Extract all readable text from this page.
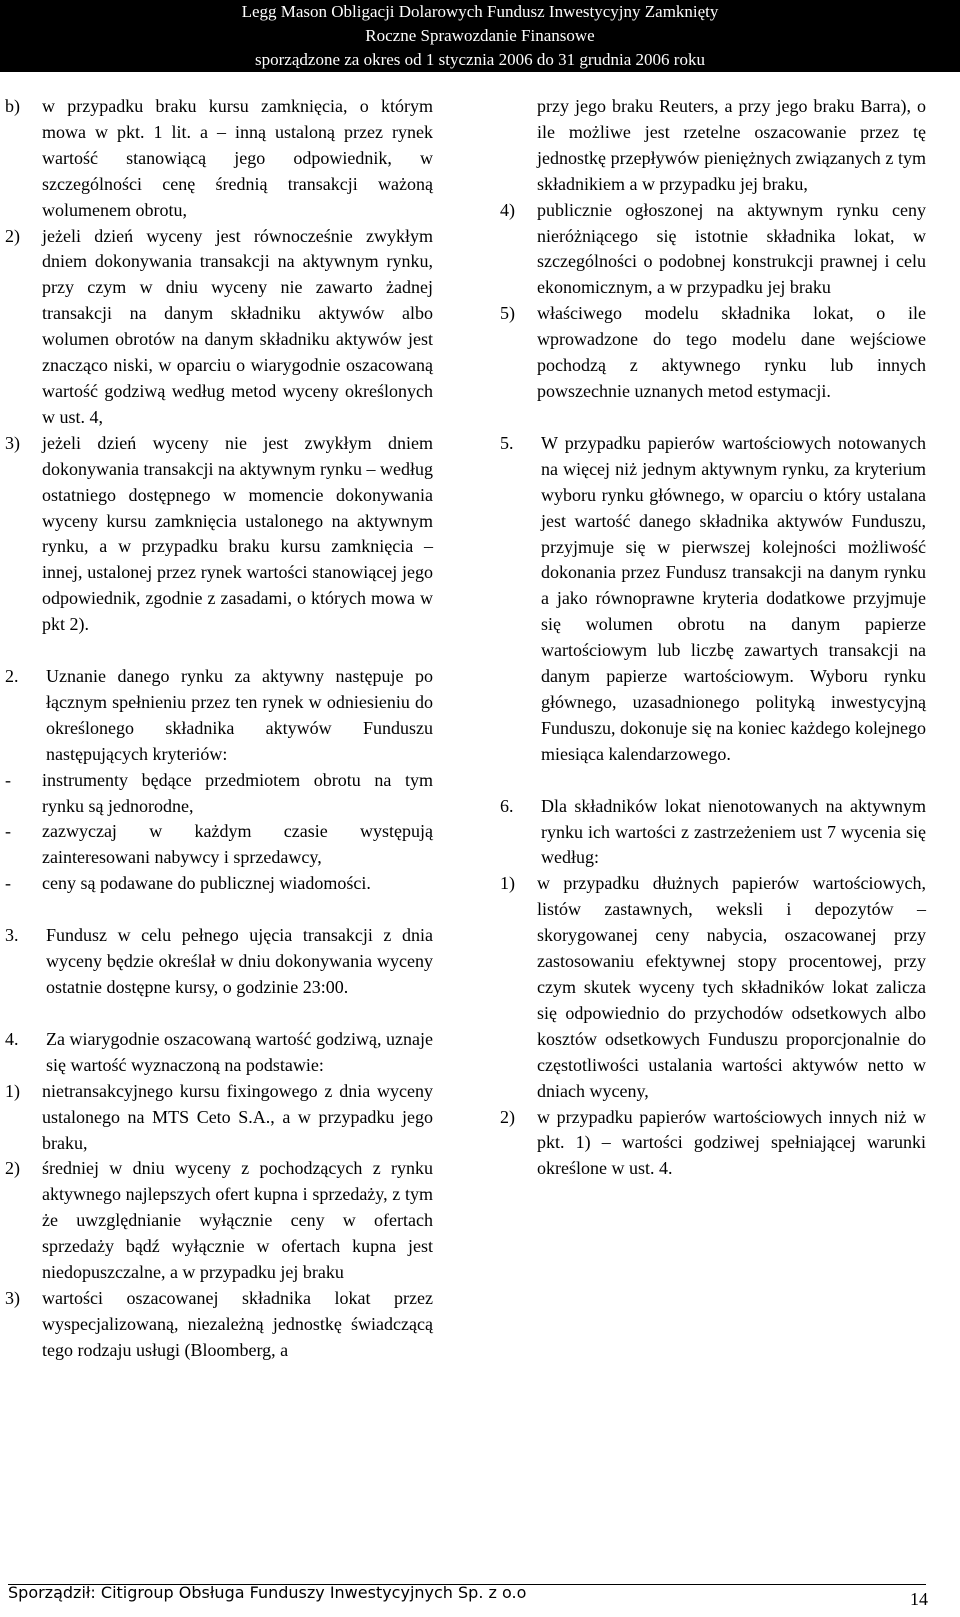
Legg Mason Obligacji Dolarowych Fundusz Inwestycyjny Zamknięty
Roczne Sprawozdanie Finansowe
sporządzone za okres od 1 stycznia 2006 do 31 grudnia 2006 roku

b) w przypadku braku kursu zamknięcia, o którym mowa w pkt. 1 lit. a – inną ustaloną przez rynek wartość stanowiącą jego odpowiednik, w szczególności cenę średnią transakcji ważoną wolumenem obrotu,

2) jeżeli dzień wyceny jest równocześnie zwykłym dniem dokonywania transakcji na aktywnym rynku, przy czym w dniu wyceny nie zawarto żadnej transakcji na danym składniku aktywów albo wolumen obrotów na danym składniku aktywów jest znacząco niski, w oparciu o wiarygodnie oszacowaną wartość godziwą według metod wyceny określonych w ust. 4,

3) jeżeli dzień wyceny nie jest zwykłym dniem dokonywania transakcji na aktywnym rynku – według ostatniego dostępnego w momencie dokonywania wyceny kursu zamknięcia ustalonego na aktywnym rynku, a w przypadku braku kursu zamknięcia – innej, ustalonej przez rynek wartości stanowiącej jego odpowiednik, zgodnie z zasadami, o których mowa w pkt 2).

2. Uznanie danego rynku za aktywny następuje po łącznym spełnieniu przez ten rynek w odniesieniu do określonego składnika aktywów Funduszu następujących kryteriów:

- instrumenty będące przedmiotem obrotu na tym rynku są jednorodne,

- zazwyczaj w każdym czasie występują zainteresowani nabywcy i sprzedawcy,

- ceny są podawane do publicznej wiadomości.

3. Fundusz w celu pełnego ujęcia transakcji z dnia wyceny będzie określał w dniu dokonywania wyceny ostatnie dostępne kursy, o godzinie 23:00.

4. Za wiarygodnie oszacowaną wartość godziwą, uznaje się wartość wyznaczoną na podstawie:

1) nietransakcyjnego kursu fixingowego z dnia wyceny ustalonego na MTS Ceto S.A., a w przypadku jego braku,

2) średniej w dniu wyceny z pochodzących z rynku aktywnego najlepszych ofert kupna i sprzedaży, z tym że uwzględnianie wyłącznie ceny w ofertach sprzedaży bądź wyłącznie w ofertach kupna jest niedopuszczalne, a w przypadku jej braku

3) wartości oszacowanej składnika lokat przez wyspecjalizowaną, niezależną jednostkę świadczącą tego rodzaju usługi (Bloomberg, a

przy jego braku Reuters, a przy jego braku Barra), o ile możliwe jest rzetelne oszacowanie przez tę jednostkę przepływów pieniężnych związanych z tym składnikiem a w przypadku jej braku,

4) publicznie ogłoszonej na aktywnym rynku ceny nieróżniącego się istotnie składnika lokat, w szczególności o podobnej konstrukcji prawnej i celu ekonomicznym, a w przypadku jej braku

5) właściwego modelu składnika lokat, o ile wprowadzone do tego modelu dane wejściowe pochodzą z aktywnego rynku lub innych powszechnie uznanych metod estymacji.

5. W przypadku papierów wartościowych notowanych na więcej niż jednym aktywnym rynku, za kryterium wyboru rynku głównego, w oparciu o który ustalana jest wartość danego składnika aktywów Funduszu, przyjmuje się w pierwszej kolejności możliwość dokonania przez Fundusz transakcji na danym rynku a jako równoprawne kryteria dodatkowe przyjmuje się wolumen obrotu na danym papierze wartościowym lub liczbę zawartych transakcji na danym papierze wartościowym. Wyboru rynku głównego, uzasadnionego polityką inwestycyjną Funduszu, dokonuje się na koniec każdego kolejnego miesiąca kalendarzowego.

6. Dla składników lokat nienotowanych na aktywnym rynku ich wartości z zastrzeżeniem ust 7 wycenia się według:

1) w przypadku dłużnych papierów wartościowych, listów zastawnych, weksli i depozytów – skorygowanej ceny nabycia, oszacowanej przy zastosowaniu efektywnej stopy procentowej, przy czym skutek wyceny tych składników lokat zalicza się odpowiednio do przychodów odsetkowych albo kosztów odsetkowych Funduszu proporcjonalnie do częstotliwości ustalania wartości aktywów netto w dniach wyceny,

2) w przypadku papierów wartościowych innych niż w pkt. 1) – wartości godziwej spełniającej warunki określone w ust. 4.

Sporządził: Citigroup Obsługa Funduszy Inwestycyjnych Sp. z o.o	14
